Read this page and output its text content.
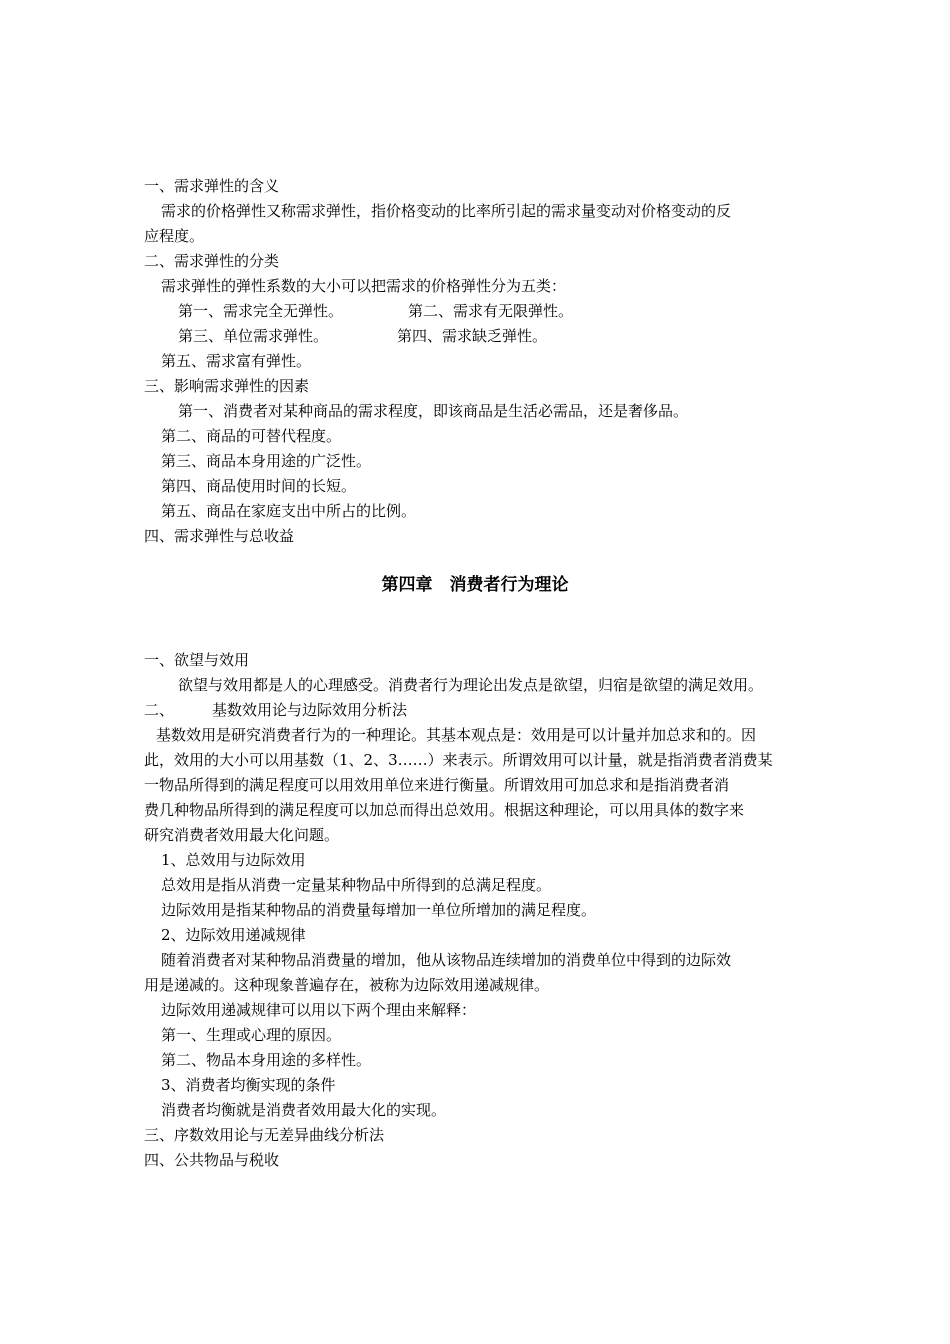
一、需求弹性的含义
需求的价格弹性又称需求弹性，指价格变动的比率所引起的需求量变动对价格变动的反
应程度。
二、需求弹性的分类
需求弹性的弹性系数的大小可以把需求的价格弹性分为五类：
第一、需求完全无弹性。	第二、需求有无限弹性。
第三、单位需求弹性。	第四、需求缺乏弹性。
第五、需求富有弹性。
三、影响需求弹性的因素
第一、消费者对某种商品的需求程度，即该商品是生活必需品，还是奢侈品。
第二、商品的可替代程度。
第三、商品本身用途的广泛性。
第四、商品使用时间的长短。
第五、商品在家庭支出中所占的比例。
四、需求弹性与总收益
第四章　消费者行为理论
一、欲望与效用
欲望与效用都是人的心理感受。消费者行为理论出发点是欲望，归宿是欲望的满足效用。
二、	基数效用论与边际效用分析法
基数效用是研究消费者行为的一种理论。其基本观点是：效用是可以计量并加总求和的。因
此，效用的大小可以用基数（1、2、3……）来表示。所谓效用可以计量，就是指消费者消费某
一物品所得到的满足程度可以用效用单位来进行衡量。所谓效用可加总求和是指消费者消
费几种物品所得到的满足程度可以加总而得出总效用。根据这种理论，可以用具体的数字来
研究消费者效用最大化问题。
1、总效用与边际效用
总效用是指从消费一定量某种物品中所得到的总满足程度。
边际效用是指某种物品的消费量每增加一单位所增加的满足程度。
2、边际效用递减规律
随着消费者对某种物品消费量的增加，他从该物品连续增加的消费单位中得到的边际效
用是递减的。这种现象普遍存在，被称为边际效用递减规律。
边际效用递减规律可以用以下两个理由来解释：
第一、生理或心理的原因。
第二、物品本身用途的多样性。
3、消费者均衡实现的条件
消费者均衡就是消费者效用最大化的实现。
三、序数效用论与无差异曲线分析法
四、公共物品与税收
